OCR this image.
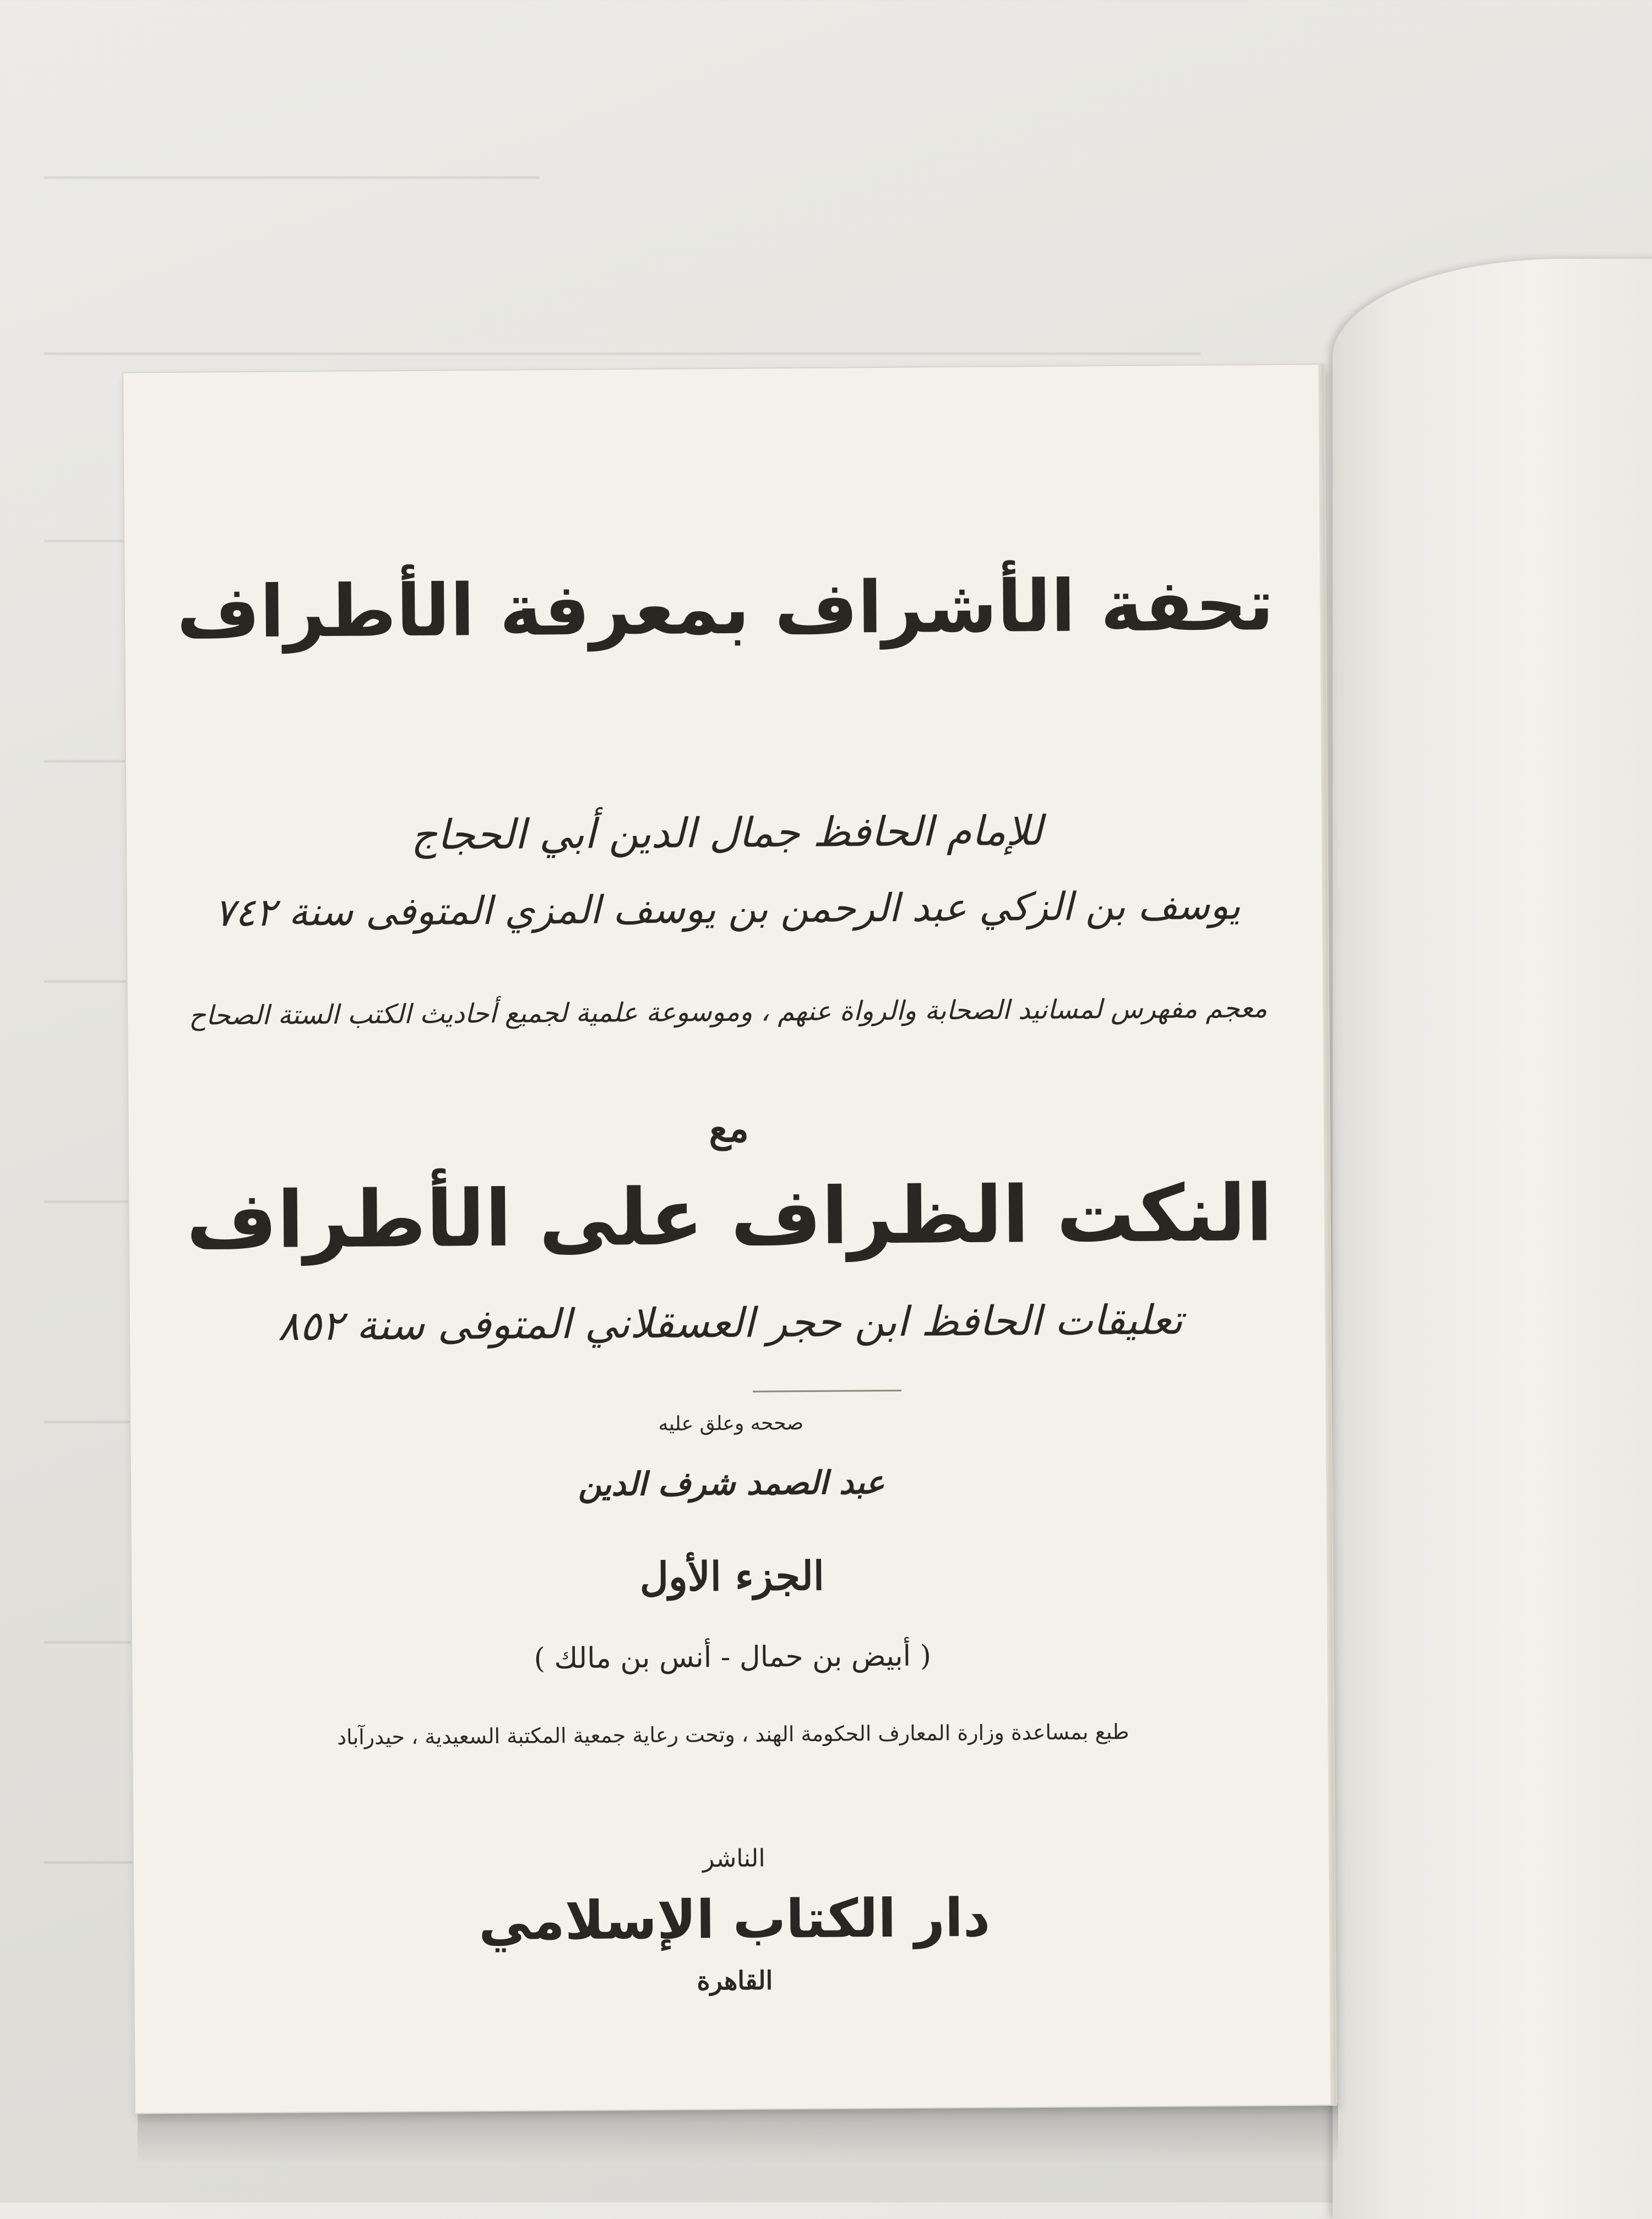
تحفة الأشراف بمعرفة الأطراف
للإمام الحافظ جمال الدين أبي الحجاج
يوسف بن الزكي عبد الرحمن بن يوسف المزي المتوفى سنة ٧٤٢
معجم مفهرس لمسانيد الصحابة والرواة عنهم ، وموسوعة علمية لجميع أحاديث الكتب الستة الصحاح
مع
النكت الظراف على الأطراف
تعليقات الحافظ ابن حجر العسقلاني المتوفى سنة ٨٥٢
صححه وعلق عليه
عبد الصمد شرف الدين
الجزء الأول
( أبيض بن حمال - أنس بن مالك )
طبع بمساعدة وزارة المعارف الحكومة الهند ، وتحت رعاية جمعية المكتبة السعيدية ، حيدرآباد
الناشر
دار الكتاب الإسلامي
القاهرة
